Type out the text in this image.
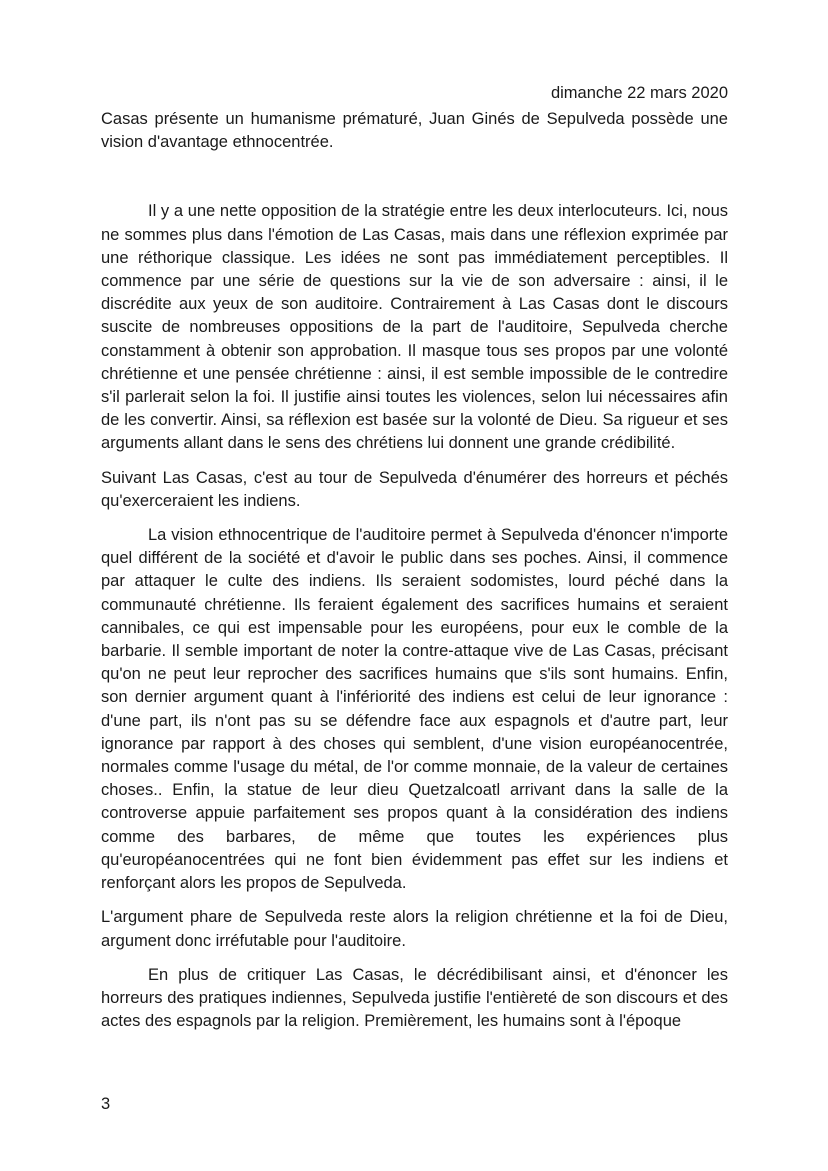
dimanche 22 mars 2020

Casas présente un humanisme prématuré, Juan Ginés de Sepulveda possède une vision d'avantage ethnocentrée.

Il y a une nette opposition de la stratégie entre les deux interlocuteurs. Ici, nous ne sommes plus dans l'émotion de Las Casas, mais dans une réflexion exprimée par une réthorique classique. Les idées ne sont pas immédiatement perceptibles. Il commence par une série de questions sur la vie de son adversaire : ainsi, il le discrédite aux yeux de son auditoire. Contrairement à Las Casas dont le discours suscite de nombreuses oppositions de la part de l'auditoire, Sepulveda cherche constamment à obtenir son approbation. Il masque tous ses propos par une volonté chrétienne et une pensée chrétienne : ainsi, il est semble impossible de le contredire s'il parlerait selon la foi. Il justifie ainsi toutes les violences, selon lui nécessaires afin de les convertir. Ainsi, sa réflexion est basée sur la volonté de Dieu. Sa rigueur et ses arguments allant dans le sens des chrétiens lui donnent une grande crédibilité.

Suivant Las Casas, c'est au tour de Sepulveda d'énumérer des horreurs et péchés qu'exerceraient les indiens.

La vision ethnocentrique de l'auditoire permet à Sepulveda d'énoncer n'importe quel différent de la société et d'avoir le public dans ses poches. Ainsi, il commence par attaquer le culte des indiens. Ils seraient sodomistes, lourd péché dans la communauté chrétienne. Ils feraient également des sacrifices humains et seraient cannibales, ce qui est impensable pour les européens, pour eux le comble de la barbarie. Il semble important de noter la contre-attaque vive de Las Casas, précisant qu'on ne peut leur reprocher des sacrifices humains que s'ils sont humains. Enfin, son dernier argument quant à l'infériorité des indiens est celui de leur ignorance : d'une part, ils n'ont pas su se défendre face aux espagnols et d'autre part, leur ignorance par rapport à des choses qui semblent, d'une vision européanocentrée, normales comme l'usage du métal, de l'or comme monnaie, de la valeur de certaines choses.. Enfin, la statue de leur dieu Quetzalcoatl arrivant dans la salle de la controverse appuie parfaitement ses propos quant à la considération des indiens comme des barbares, de même que toutes les expériences plus qu'européanocentrées qui ne font bien évidemment pas effet sur les indiens et renforçant alors les propos de Sepulveda.

L'argument phare de Sepulveda reste alors la religion chrétienne et la foi de Dieu, argument donc irréfutable pour l'auditoire.

En plus de critiquer Las Casas, le décrédibilisant ainsi, et d'énoncer les horreurs des pratiques indiennes, Sepulveda justifie l'entièreté de son discours et des actes des espagnols par la religion. Premièrement, les humains sont à l'époque

3
